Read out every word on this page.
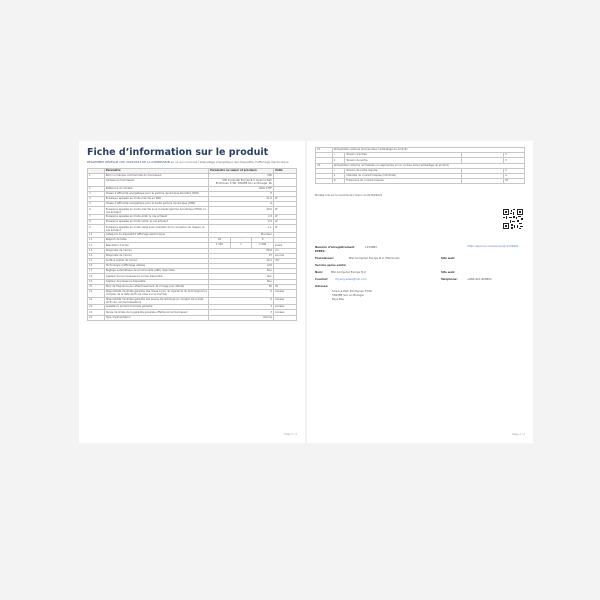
Fiche d’information sur le produit
RÈGLEMENT DÉLÉGUÉ (UE) 2019/2013 DE LA COMMISSION en ce qui concerne l’étiquetage énergétique des dispositifs d’affichage électronique
	Paramètre	Paramètre ou valeur et précision	Unité
1.	Nom ou marque commerciale du fournisseur	MSI	
	Adresse du fournisseur	MSI Computer Europe B.V. Science Park Eindhoven 5706, 5692EB Son en Breugel, NL	
2.	Référence du modèle	MAG 275F	
3.	Classe d’efficacité énergétique pour la gamme dynamique standard (SDR)	E	
4.	Puissance appelée en mode marche en SDR	21,0	W
5.	Classe d’efficacité énergétique pour la haute gamme dynamique (HDR)	G	
6.	Puissance appelée en mode marche pour la haute gamme dynamique (HDR), le cas échéant	40,0	W
7.	Puissance appelée en mode arrêt, le cas échéant	0,3	W
8.	Puissance appelée en mode veille, le cas échéant	0,5	W
9.	Puissance appelée en mode veille avec maintien de la connexion au réseau, le cas échéant	s.o.	W
10.	Catégorie de dispositif d’affichage électronique	Moniteur	
11.	Rapport de taille	16 : 9	

12.	Résolution d’écran	1 920 x 1 080	pixels
13.	Diagonale de l’écran	68,6	cm
14.	Diagonale de l’écran	27	pouces
15.	Surface visible de l’écran	20,1	dm²
16.	Technologie d’affichage utilisée	LCD	
17.	Réglage automatique de la luminosité (ABC) disponible	Non	
18.	Capteur de reconnaissance vocale disponible	Non	
19.	Capteur de présence disponible	Non	
20.	Taux de fréquence de rafraîchissement de l’image (par défaut)	60	Hz
21.	Disponibilité minimale garantie des mises à jour du logiciel et du micrologiciel (à compter de la date de fin de mise sur le marché)	0	Années
22.	Disponibilité minimale garantie des pièces de rechange (à compter de la date de fin de commercialisation)	0	Années
23.	Assistance produit minimale garantie	3	Années
24.	Durée minimale de la garantie générale offerte par le fournisseur	3	Années
25.	Type d’alimentation	Interne	
Page 1 / 2
25.	Alimentation externe (incluse dans l’emballage du produit)			
	i	Tension d’entrée		V
	ii	Tension de sortie		V
26.	Alimentation externe normalisée (ou appropriée si non incluse dans l’emballage du produit)			
	i	Tension de sortie requise		V
	ii	Intensité du courant requise (minimale)		A
	iii	Fréquence du courant requise		Hz
Modèle mis sur le marché de l’Union du 01/09/2021
Numéro d’enregistrement EPREL:
1134862	https://eprel.ec.europa.eu/qr/1134862
Fournisseur:	MSI Computer Europe B.V. (Fabricant)	Site web:
Service après-vente:
Nom:	MSI Computer Europe B.V.	Site web:
Courriel:	rfq-eng-sales@msi.com	Téléphone:	+866-921-608652
Adresse:
Science Park Eindhoven 5706
5692EB Son en Breugel
Pays Bas
Page 2 / 2
